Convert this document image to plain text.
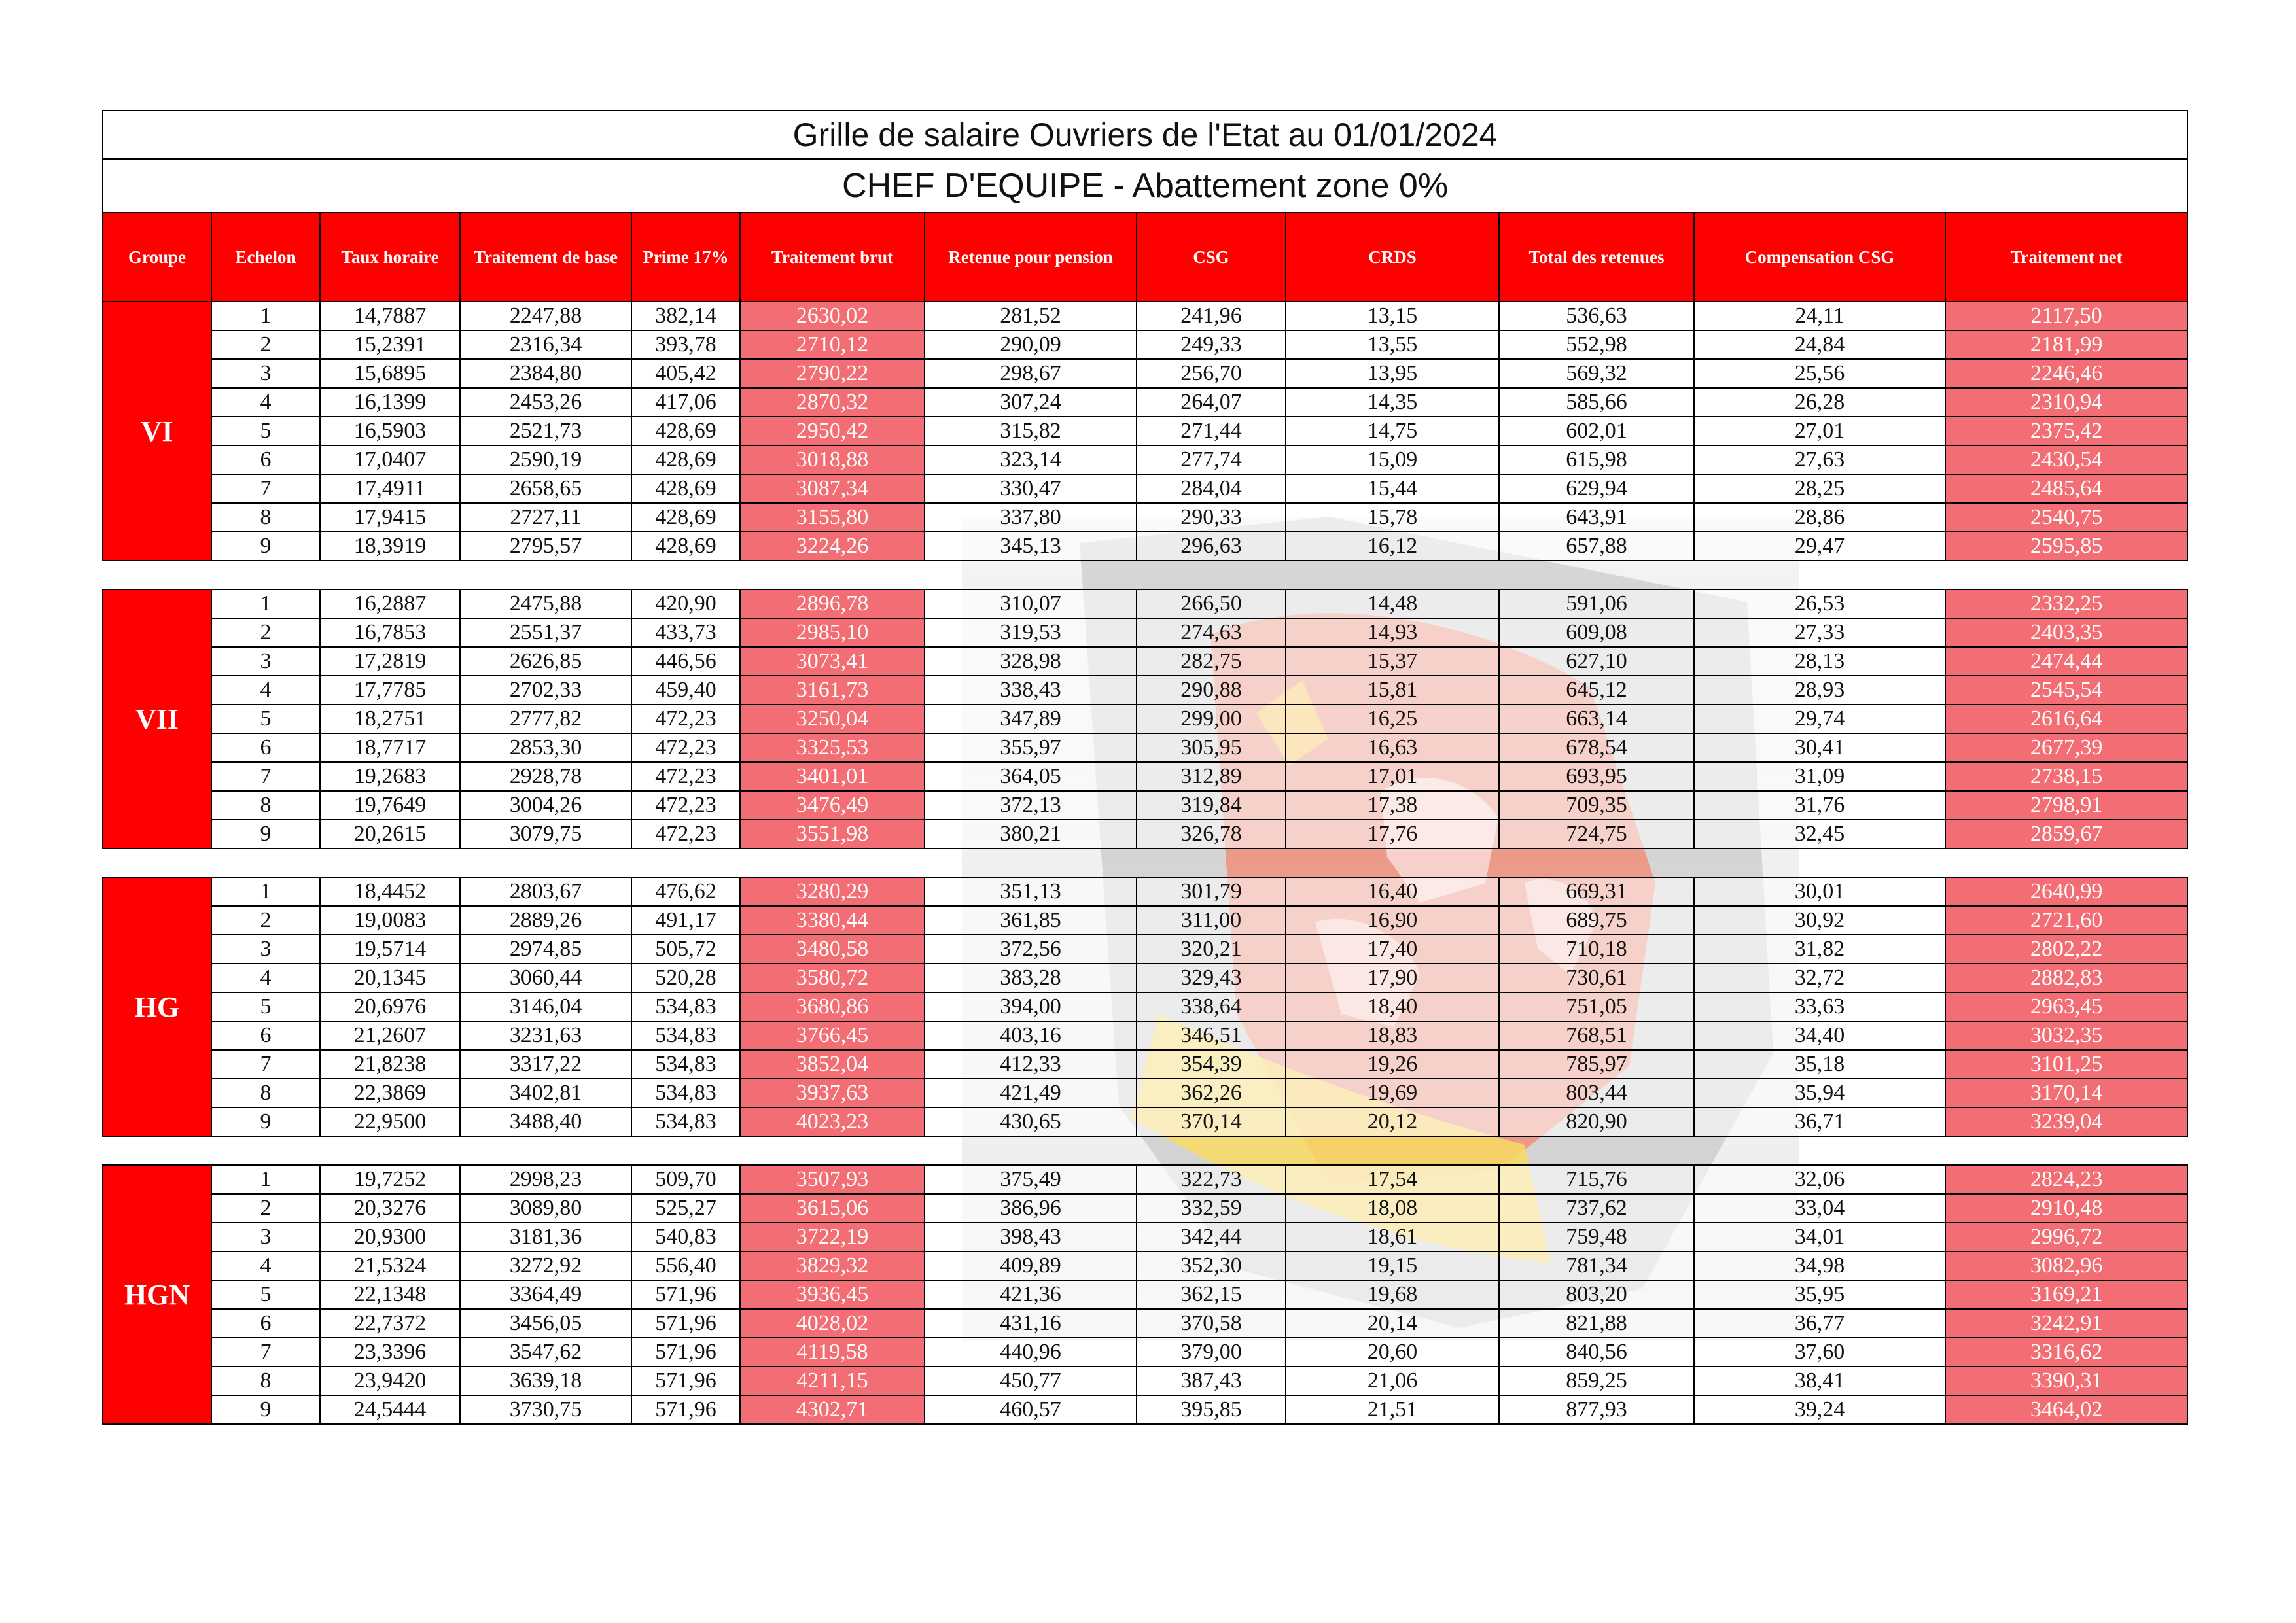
Grille de salaire Ouvriers de l'Etat au 01/01/2024											
CHEF D'EQUIPE - Abattement zone 0%											
Groupe	Echelon	Taux horaire	Traitement de base	Prime 17%	Traitement brut	Retenue pour pension	CSG	CRDS	Total des retenues	Compensation CSG	Traitement net
VI	1	14,7887	2247,88	382,14	2630,02	281,52	241,96	13,15	536,63	24,11	2117,50
	2	15,2391	2316,34	393,78	2710,12	290,09	249,33	13,55	552,98	24,84	2181,99
	3	15,6895	2384,80	405,42	2790,22	298,67	256,70	13,95	569,32	25,56	2246,46
	4	16,1399	2453,26	417,06	2870,32	307,24	264,07	14,35	585,66	26,28	2310,94
	5	16,5903	2521,73	428,69	2950,42	315,82	271,44	14,75	602,01	27,01	2375,42
	6	17,0407	2590,19	428,69	3018,88	323,14	277,74	15,09	615,98	27,63	2430,54
	7	17,4911	2658,65	428,69	3087,34	330,47	284,04	15,44	629,94	28,25	2485,64
	8	17,9415	2727,11	428,69	3155,80	337,80	290,33	15,78	643,91	28,86	2540,75
	9	18,3919	2795,57	428,69	3224,26	345,13	296,63	16,12	657,88	29,47	2595,85

VII	1	16,2887	2475,88	420,90	2896,78	310,07	266,50	14,48	591,06	26,53	2332,25
	2	16,7853	2551,37	433,73	2985,10	319,53	274,63	14,93	609,08	27,33	2403,35
	3	17,2819	2626,85	446,56	3073,41	328,98	282,75	15,37	627,10	28,13	2474,44
	4	17,7785	2702,33	459,40	3161,73	338,43	290,88	15,81	645,12	28,93	2545,54
	5	18,2751	2777,82	472,23	3250,04	347,89	299,00	16,25	663,14	29,74	2616,64
	6	18,7717	2853,30	472,23	3325,53	355,97	305,95	16,63	678,54	30,41	2677,39
	7	19,2683	2928,78	472,23	3401,01	364,05	312,89	17,01	693,95	31,09	2738,15
	8	19,7649	3004,26	472,23	3476,49	372,13	319,84	17,38	709,35	31,76	2798,91
	9	20,2615	3079,75	472,23	3551,98	380,21	326,78	17,76	724,75	32,45	2859,67

HG	1	18,4452	2803,67	476,62	3280,29	351,13	301,79	16,40	669,31	30,01	2640,99
	2	19,0083	2889,26	491,17	3380,44	361,85	311,00	16,90	689,75	30,92	2721,60
	3	19,5714	2974,85	505,72	3480,58	372,56	320,21	17,40	710,18	31,82	2802,22
	4	20,1345	3060,44	520,28	3580,72	383,28	329,43	17,90	730,61	32,72	2882,83
	5	20,6976	3146,04	534,83	3680,86	394,00	338,64	18,40	751,05	33,63	2963,45
	6	21,2607	3231,63	534,83	3766,45	403,16	346,51	18,83	768,51	34,40	3032,35
	7	21,8238	3317,22	534,83	3852,04	412,33	354,39	19,26	785,97	35,18	3101,25
	8	22,3869	3402,81	534,83	3937,63	421,49	362,26	19,69	803,44	35,94	3170,14
	9	22,9500	3488,40	534,83	4023,23	430,65	370,14	20,12	820,90	36,71	3239,04

HGN	1	19,7252	2998,23	509,70	3507,93	375,49	322,73	17,54	715,76	32,06	2824,23
	2	20,3276	3089,80	525,27	3615,06	386,96	332,59	18,08	737,62	33,04	2910,48
	3	20,9300	3181,36	540,83	3722,19	398,43	342,44	18,61	759,48	34,01	2996,72
	4	21,5324	3272,92	556,40	3829,32	409,89	352,30	19,15	781,34	34,98	3082,96
	5	22,1348	3364,49	571,96	3936,45	421,36	362,15	19,68	803,20	35,95	3169,21
	6	22,7372	3456,05	571,96	4028,02	431,16	370,58	20,14	821,88	36,77	3242,91
	7	23,3396	3547,62	571,96	4119,58	440,96	379,00	20,60	840,56	37,60	3316,62
	8	23,9420	3639,18	571,96	4211,15	450,77	387,43	21,06	859,25	38,41	3390,31
	9	24,5444	3730,75	571,96	4302,71	460,57	395,85	21,51	877,93	39,24	3464,02
